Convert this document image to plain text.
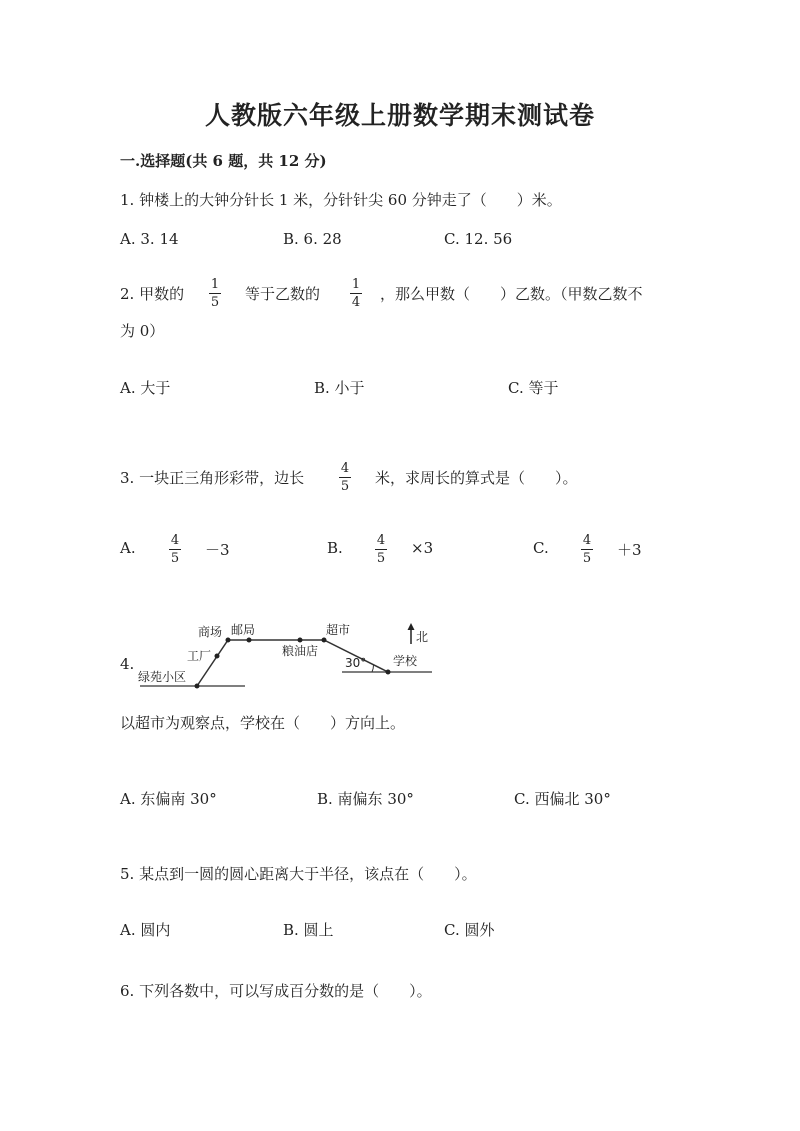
人教版六年级上册数学期末测试卷
一.选择题(共 6 题，共 12 分)
1. 钟楼上的大钟分针长 1 米，分针针尖 60 分钟走了（　　）米。
A. 3. 14	B. 6. 28	C. 12. 56
2. 甲数的
1
5 等于乙数的
1
4 ，那么甲数（　　）乙数。（甲数乙数不
为 0）
A. 大于	B. 小于	C. 等于
3. 一块正三角形彩带，边长
4
5 米，求周长的算式是（　　）。
A.	4
5 －3	B.	4
5
×3	C.	4
5 ＋3
4.
商场 邮局	超市	北
工厂	粮油店
30° 学校
绿苑小区
以超市为观察点，学校在（　　）方向上。
A. 东偏南 30°	B. 南偏东 30°	C. 西偏北 30°
5. 某点到一圆的圆心距离大于半径，该点在（　　）。
A. 圆内	B. 圆上	C. 圆外
6. 下列各数中，可以写成百分数的是（　　）。
